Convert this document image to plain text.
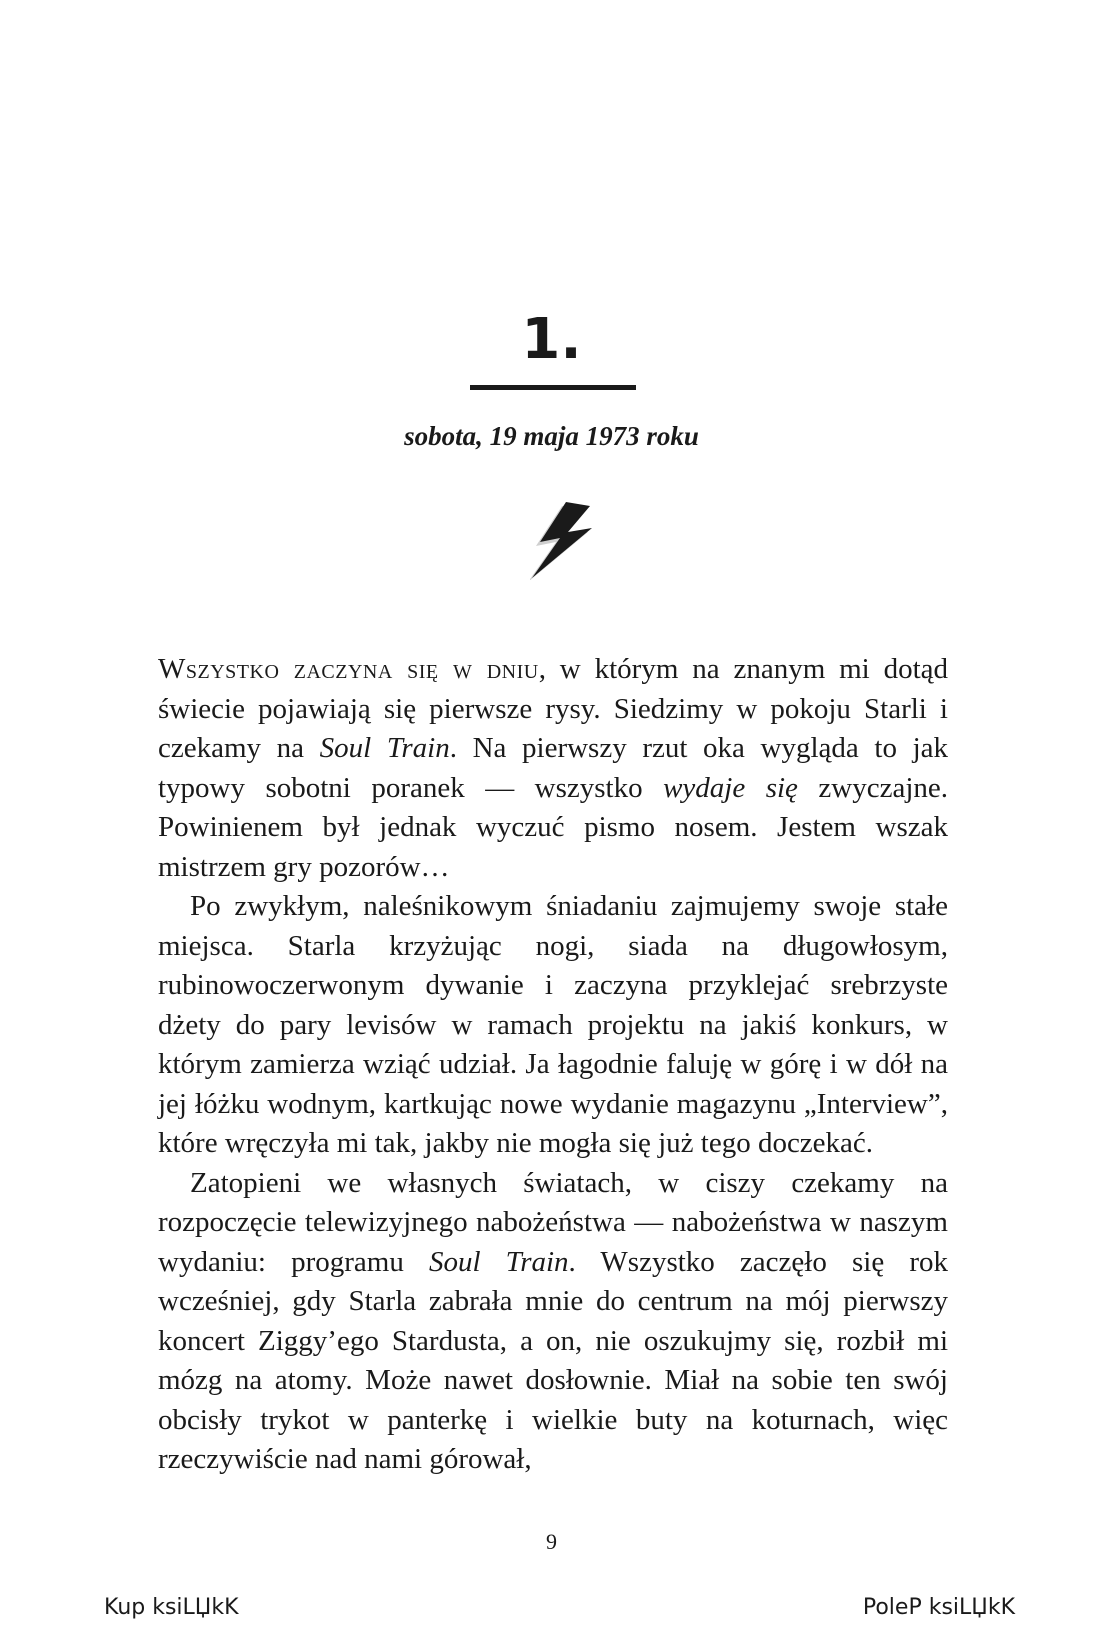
1.
sobota, 19 maja 1973 roku

Wszystko zaczyna się w dniu, w którym na znanym mi dotąd świecie pojawiają się pierwsze rysy. Siedzimy w pokoju Starli i czekamy na Soul Train. Na pierwszy rzut oka wygląda to jak typowy sobotni poranek — wszystko wydaje się zwyczajne. Powinienem był jednak wyczuć pismo nosem. Jestem wszak mistrzem gry pozorów…

Po zwykłym, naleśnikowym śniadaniu zajmujemy swoje stałe miejsca. Starla krzyżując nogi, siada na długowłosym, rubinowoczerwonym dywanie i zaczyna przyklejać srebrzyste dżety do pary levisów w ramach projektu na jakiś konkurs, w którym zamierza wziąć udział. Ja łagodnie faluję w górę i w dół na jej łóżku wodnym, kartkując nowe wydanie magazynu „Interview”, które wręczyła mi tak, jakby nie mogła się już tego doczekać.

Zatopieni we własnych światach, w ciszy czekamy na rozpoczęcie telewizyjnego nabożeństwa — nabożeństwa w naszym wydaniu: programu Soul Train. Wszystko zaczęło się rok wcześniej, gdy Starla zabrała mnie do centrum na mój pierwszy koncert Ziggy’ego Stardusta, a on, nie oszukujmy się, rozbił mi mózg na atomy. Może nawet dosłownie. Miał na sobie ten swój obcisły trykot w panterkę i wielkie buty na koturnach, więc rzeczywiście nad nami górował,

9
Kup ksiLЏkK	PoleP ksiLЏkK
